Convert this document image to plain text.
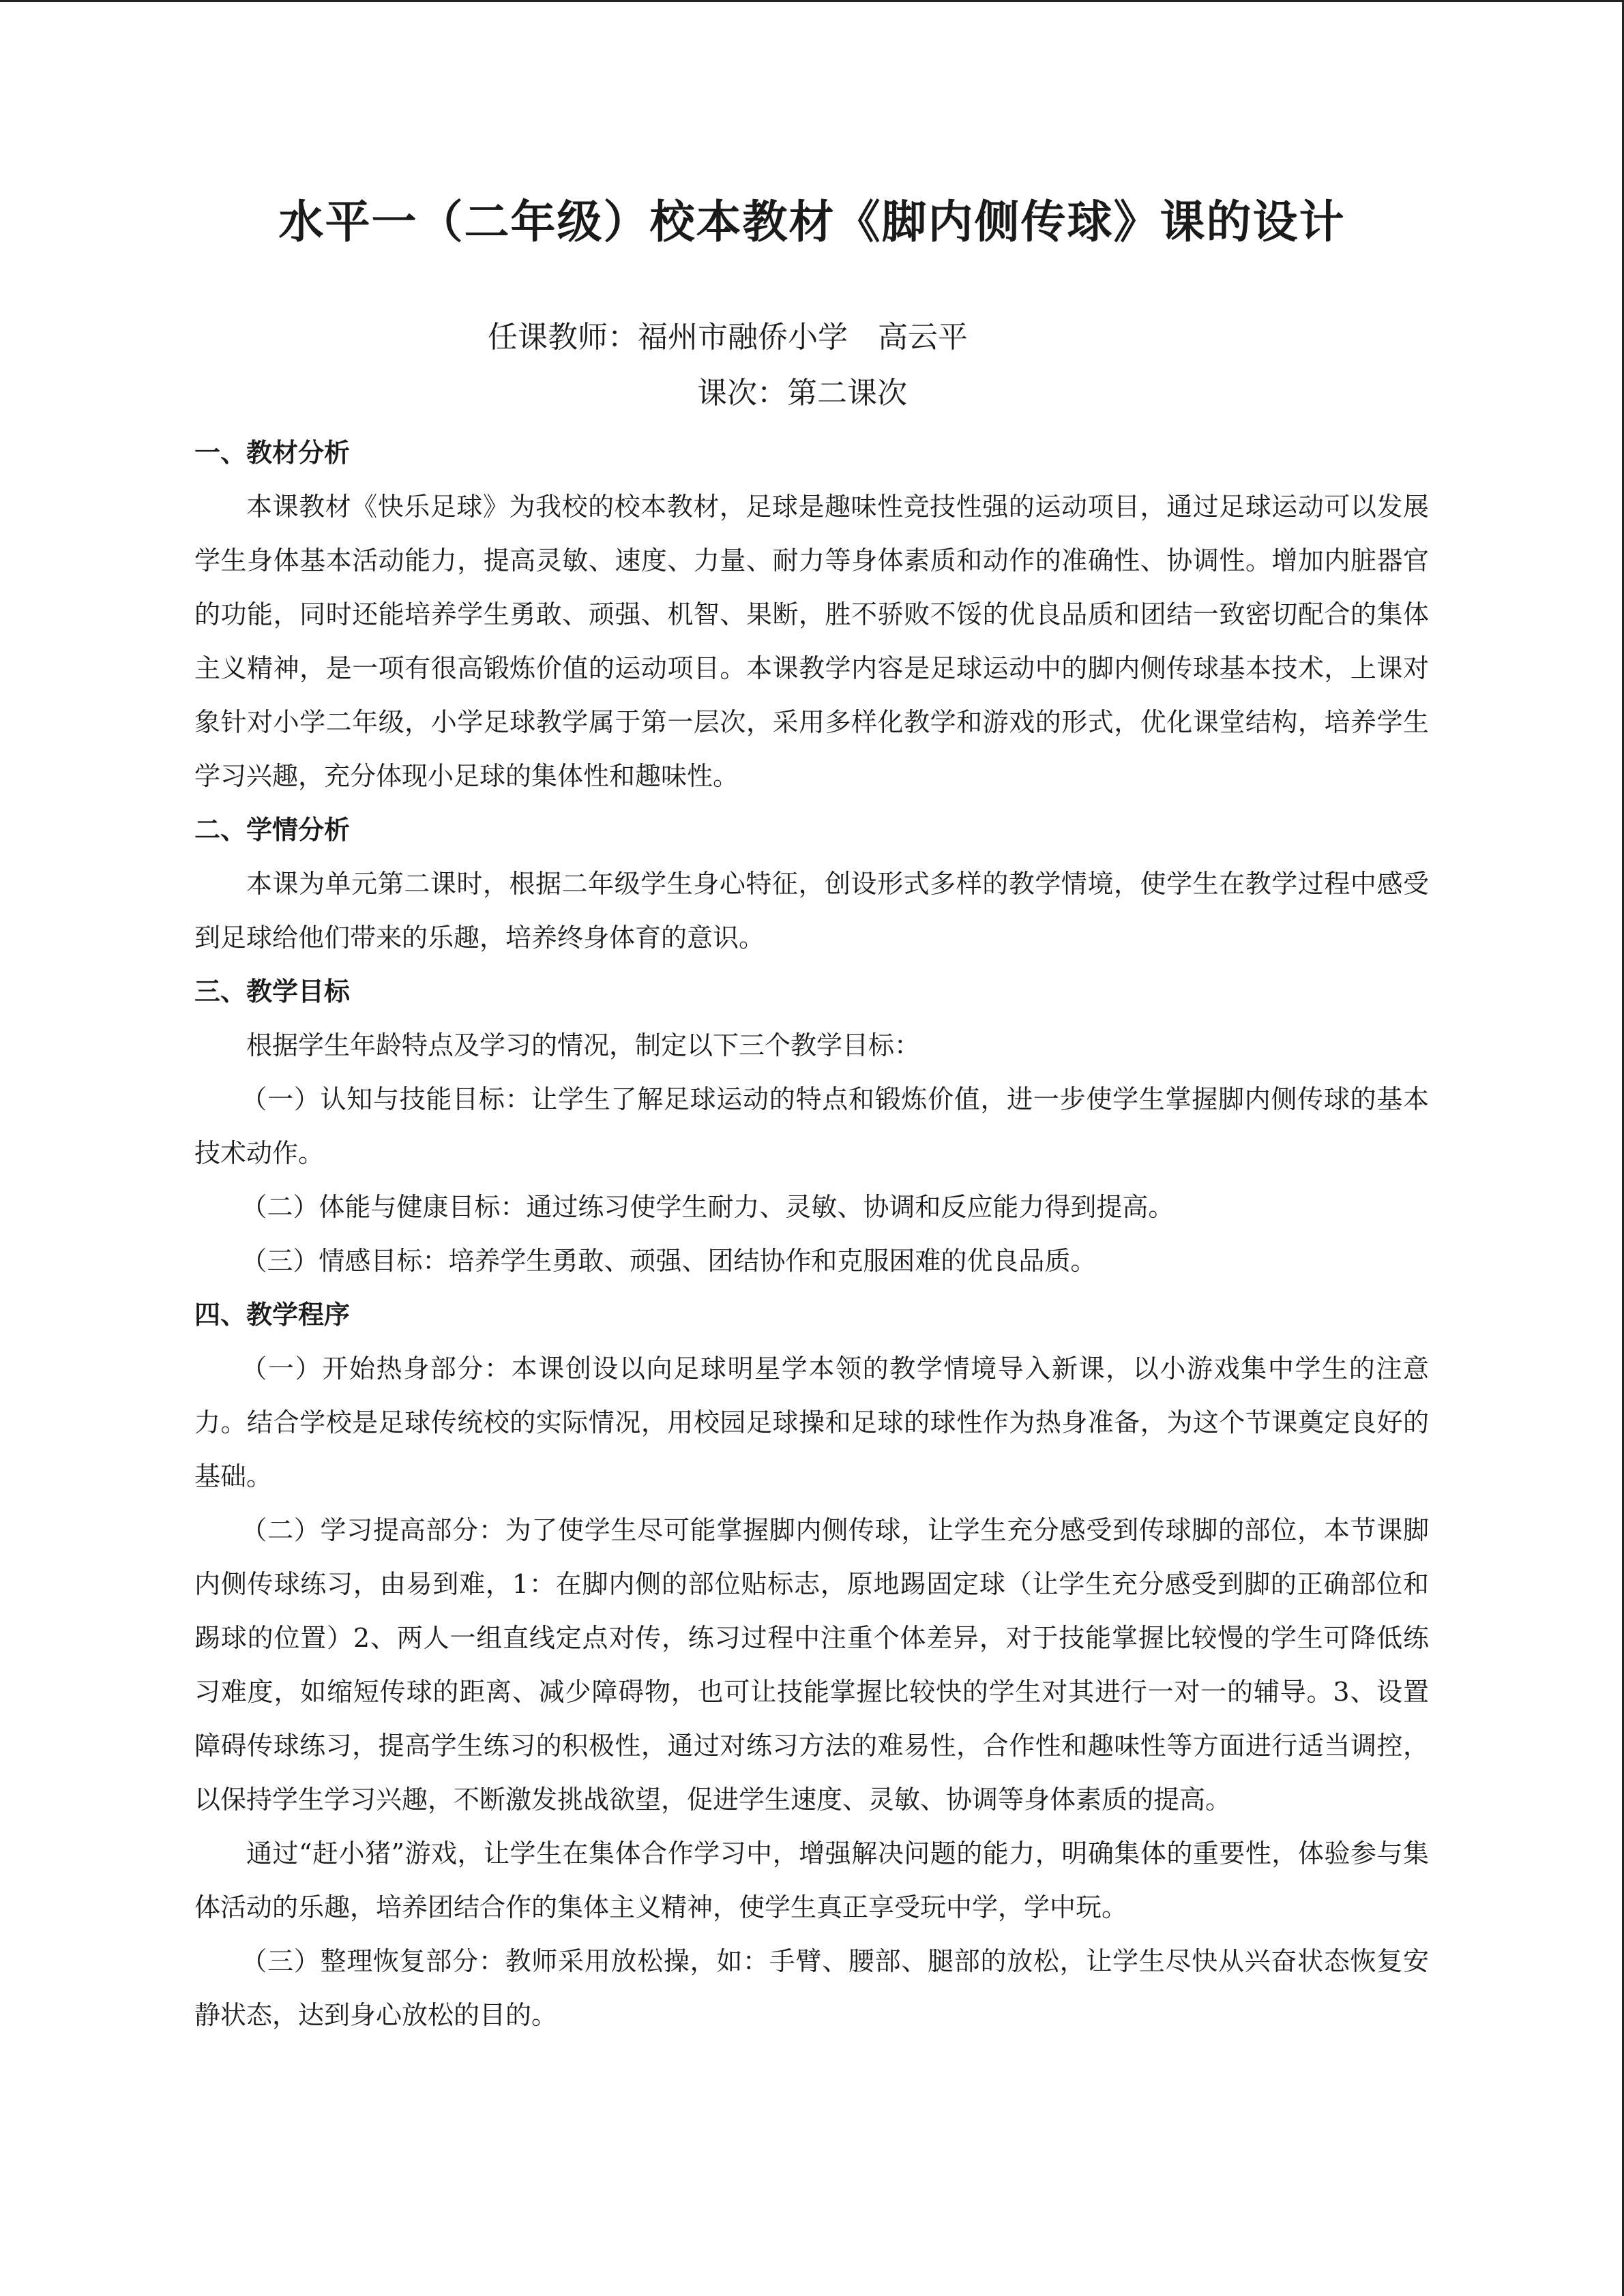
水平一（二年级）校本教材《脚内侧传球》课的设计
任课教师：福州市融侨小学　高云平
课次：第二课次
一、教材分析

本课教材《快乐足球》为我校的校本教材，足球是趣味性竞技性强的运动项目，通过足球运动可以发展学生身体基本活动能力，提高灵敏、速度、力量、耐力等身体素质和动作的准确性、协调性。增加内脏器官的功能，同时还能培养学生勇敢、顽强、机智、果断，胜不骄败不馁的优良品质和团结一致密切配合的集体主义精神，是一项有很高锻炼价值的运动项目。本课教学内容是足球运动中的脚内侧传球基本技术，上课对象针对小学二年级，小学足球教学属于第一层次，采用多样化教学和游戏的形式，优化课堂结构，培养学生学习兴趣，充分体现小足球的集体性和趣味性。

二、学情分析

本课为单元第二课时，根据二年级学生身心特征，创设形式多样的教学情境，使学生在教学过程中感受到足球给他们带来的乐趣，培养终身体育的意识。

三、教学目标

根据学生年龄特点及学习的情况，制定以下三个教学目标：

（一）认知与技能目标：让学生了解足球运动的特点和锻炼价值，进一步使学生掌握脚内侧传球的基本技术动作。

（二）体能与健康目标：通过练习使学生耐力、灵敏、协调和反应能力得到提高。

（三）情感目标：培养学生勇敢、顽强、团结协作和克服困难的优良品质。

四、教学程序

（一）开始热身部分：本课创设以向足球明星学本领的教学情境导入新课，以小游戏集中学生的注意力。结合学校是足球传统校的实际情况，用校园足球操和足球的球性作为热身准备，为这个节课奠定良好的基础。

（二）学习提高部分：为了使学生尽可能掌握脚内侧传球，让学生充分感受到传球脚的部位，本节课脚内侧传球练习，由易到难，1：在脚内侧的部位贴标志，原地踢固定球（让学生充分感受到脚的正确部位和踢球的位置）2、两人一组直线定点对传，练习过程中注重个体差异，对于技能掌握比较慢的学生可降低练习难度，如缩短传球的距离、减少障碍物，也可让技能掌握比较快的学生对其进行一对一的辅导。3、设置障碍传球练习，提高学生练习的积极性，通过对练习方法的难易性，合作性和趣味性等方面进行适当调控，以保持学生学习兴趣，不断激发挑战欲望，促进学生速度、灵敏、协调等身体素质的提高。

通过“赶小猪”游戏，让学生在集体合作学习中，增强解决问题的能力，明确集体的重要性，体验参与集体活动的乐趣，培养团结合作的集体主义精神，使学生真正享受玩中学，学中玩。

（三）整理恢复部分：教师采用放松操，如：手臂、腰部、腿部的放松，让学生尽快从兴奋状态恢复安静状态，达到身心放松的目的。
